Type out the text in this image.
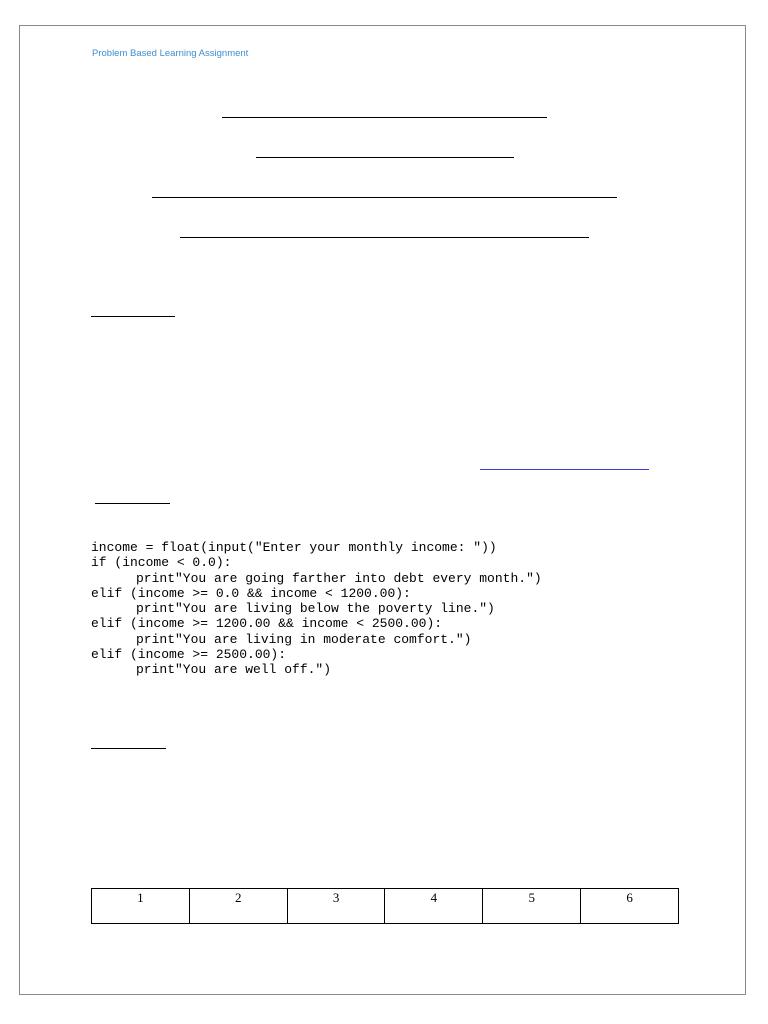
Problem Based Learning Assignment
income = float(input("Enter your monthly income: "))
if (income < 0.0):
print"You are going farther into debt every month.")
elif (income >= 0.0 && income < 1200.00):
print"You are living below the poverty line.")
elif (income >= 1200.00 && income < 2500.00):
print"You are living in moderate comfort.")
elif (income >= 2500.00):
print"You are well off.")
1	2	3	4	5	6
